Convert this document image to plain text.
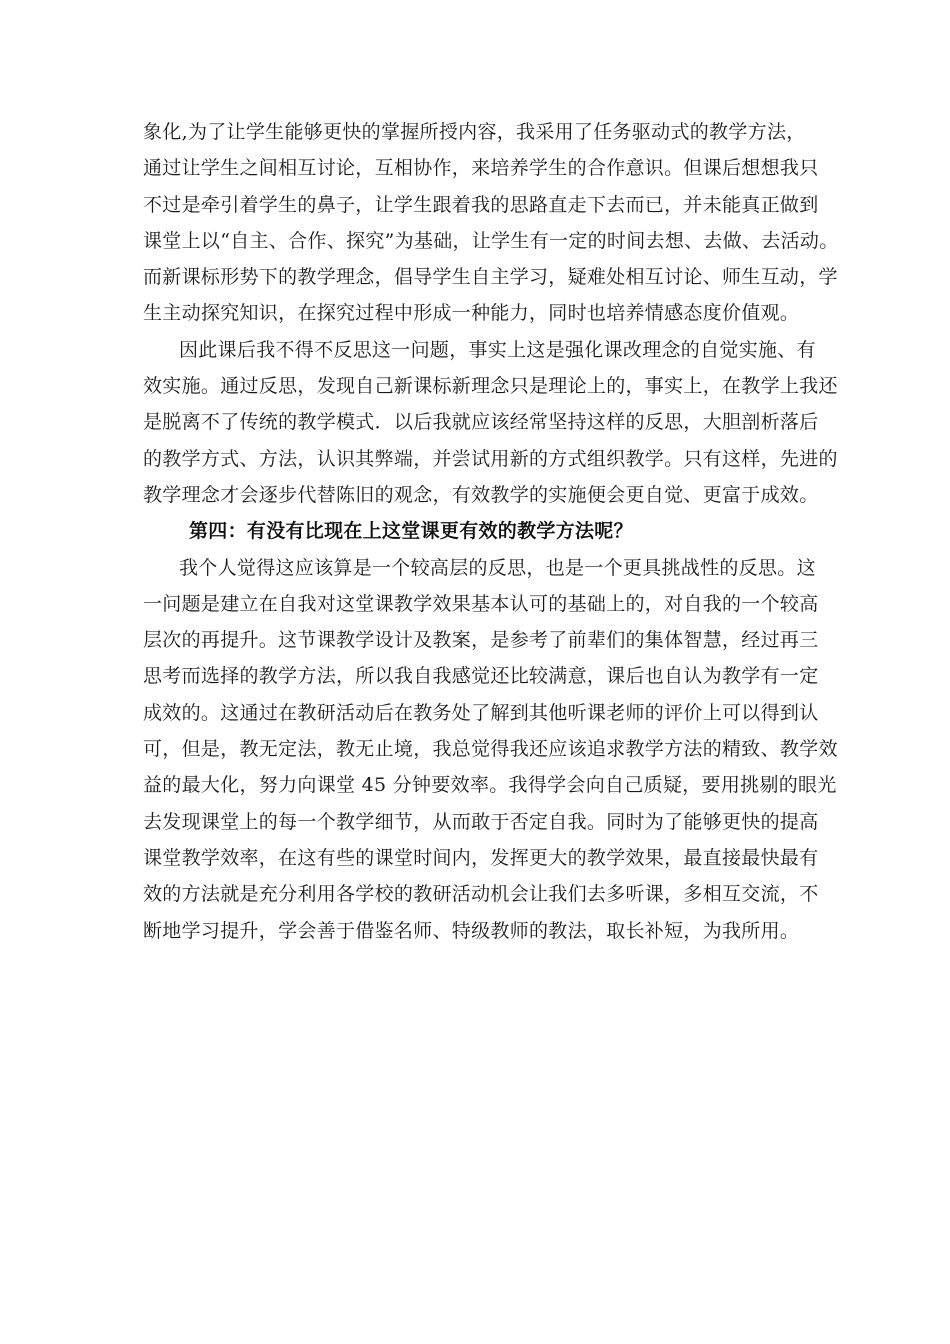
象化,为了让学生能够更快的掌握所授内容，我采用了任务驱动式的教学方法，
通过让学生之间相互讨论，互相协作，来培养学生的合作意识。但课后想想我只
不过是牵引着学生的鼻子，让学生跟着我的思路直走下去而已，并未能真正做到
课堂上以“自主、合作、探究”为基础，让学生有一定的时间去想、去做、去活动。
而新课标形势下的教学理念，倡导学生自主学习，疑难处相互讨论、师生互动，学
生主动探究知识，在探究过程中形成一种能力，同时也培养情感态度价值观。
因此课后我不得不反思这一问题，事实上这是强化课改理念的自觉实施、有
效实施。通过反思，发现自己新课标新理念只是理论上的，事实上，在教学上我还
是脱离不了传统的教学模式．以后我就应该经常坚持这样的反思，大胆剖析落后
的教学方式、方法，认识其弊端，并尝试用新的方式组织教学。只有这样，先进的
教学理念才会逐步代替陈旧的观念，有效教学的实施便会更自觉、更富于成效。
第四：有没有比现在上这堂课更有效的教学方法呢？
我个人觉得这应该算是一个较高层的反思，也是一个更具挑战性的反思。这
一问题是建立在自我对这堂课教学效果基本认可的基础上的，对自我的一个较高
层次的再提升。这节课教学设计及教案，是参考了前辈们的集体智慧，经过再三
思考而选择的教学方法，所以我自我感觉还比较满意，课后也自认为教学有一定
成效的。这通过在教研活动后在教务处了解到其他听课老师的评价上可以得到认
可，但是，教无定法，教无止境，我总觉得我还应该追求教学方法的精致、教学效
益的最大化，努力向课堂 45 分钟要效率。我得学会向自己质疑，要用挑剔的眼光
去发现课堂上的每一个教学细节，从而敢于否定自我。同时为了能够更快的提高
课堂教学效率，在这有些的课堂时间内，发挥更大的教学效果，最直接最快最有
效的方法就是充分利用各学校的教研活动机会让我们去多听课，多相互交流，不
断地学习提升，学会善于借鉴名师、特级教师的教法，取长补短，为我所用。
